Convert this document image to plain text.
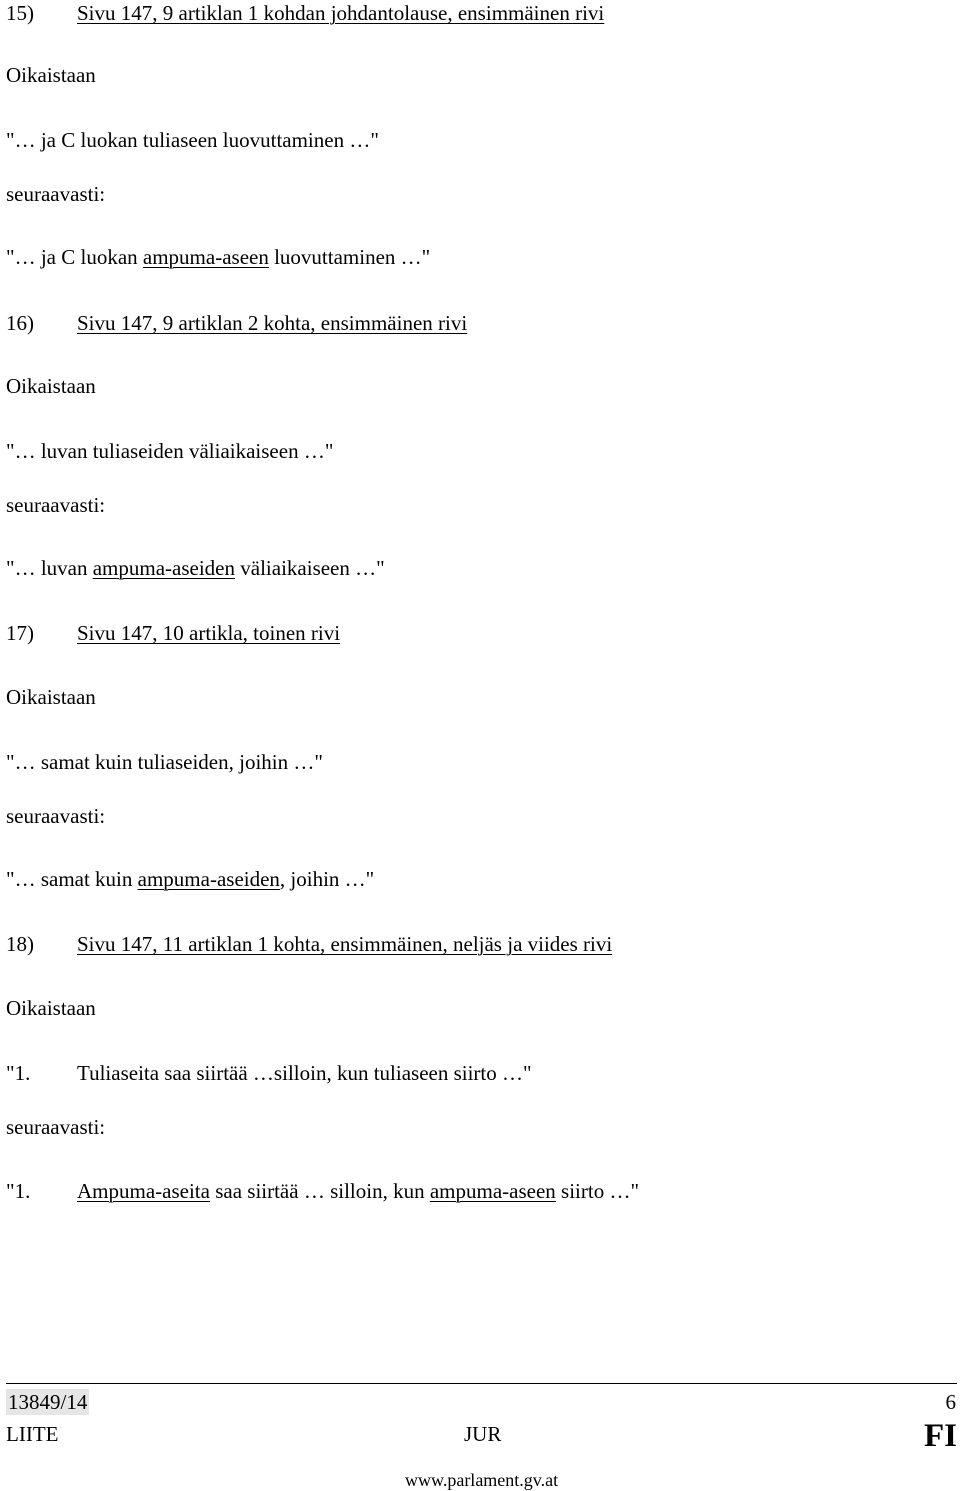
15) Sivu 147, 9 artiklan 1 kohdan johdantolause, ensimmäinen rivi
Oikaistaan
"… ja C luokan tuliaseen luovuttaminen …"
seuraavasti:
"… ja C luokan ampuma-aseen luovuttaminen …"
16) Sivu 147, 9 artiklan 2 kohta, ensimmäinen rivi
Oikaistaan
"… luvan tuliaseiden väliaikaiseen …"
seuraavasti:
"… luvan ampuma-aseiden väliaikaiseen …"
17) Sivu 147, 10 artikla, toinen rivi
Oikaistaan
"… samat kuin tuliaseiden, joihin …"
seuraavasti:
"… samat kuin ampuma-aseiden, joihin …"
18) Sivu 147, 11 artiklan 1 kohta, ensimmäinen, neljäs ja viides rivi
Oikaistaan
"1. Tuliaseita saa siirtää …silloin, kun tuliaseen siirto …"
seuraavasti:
"1. Ampuma-aseita saa siirtää … silloin, kun ampuma-aseen siirto …"
13849/14	6
LIITE	JUR	FI
www.parlament.gv.at
